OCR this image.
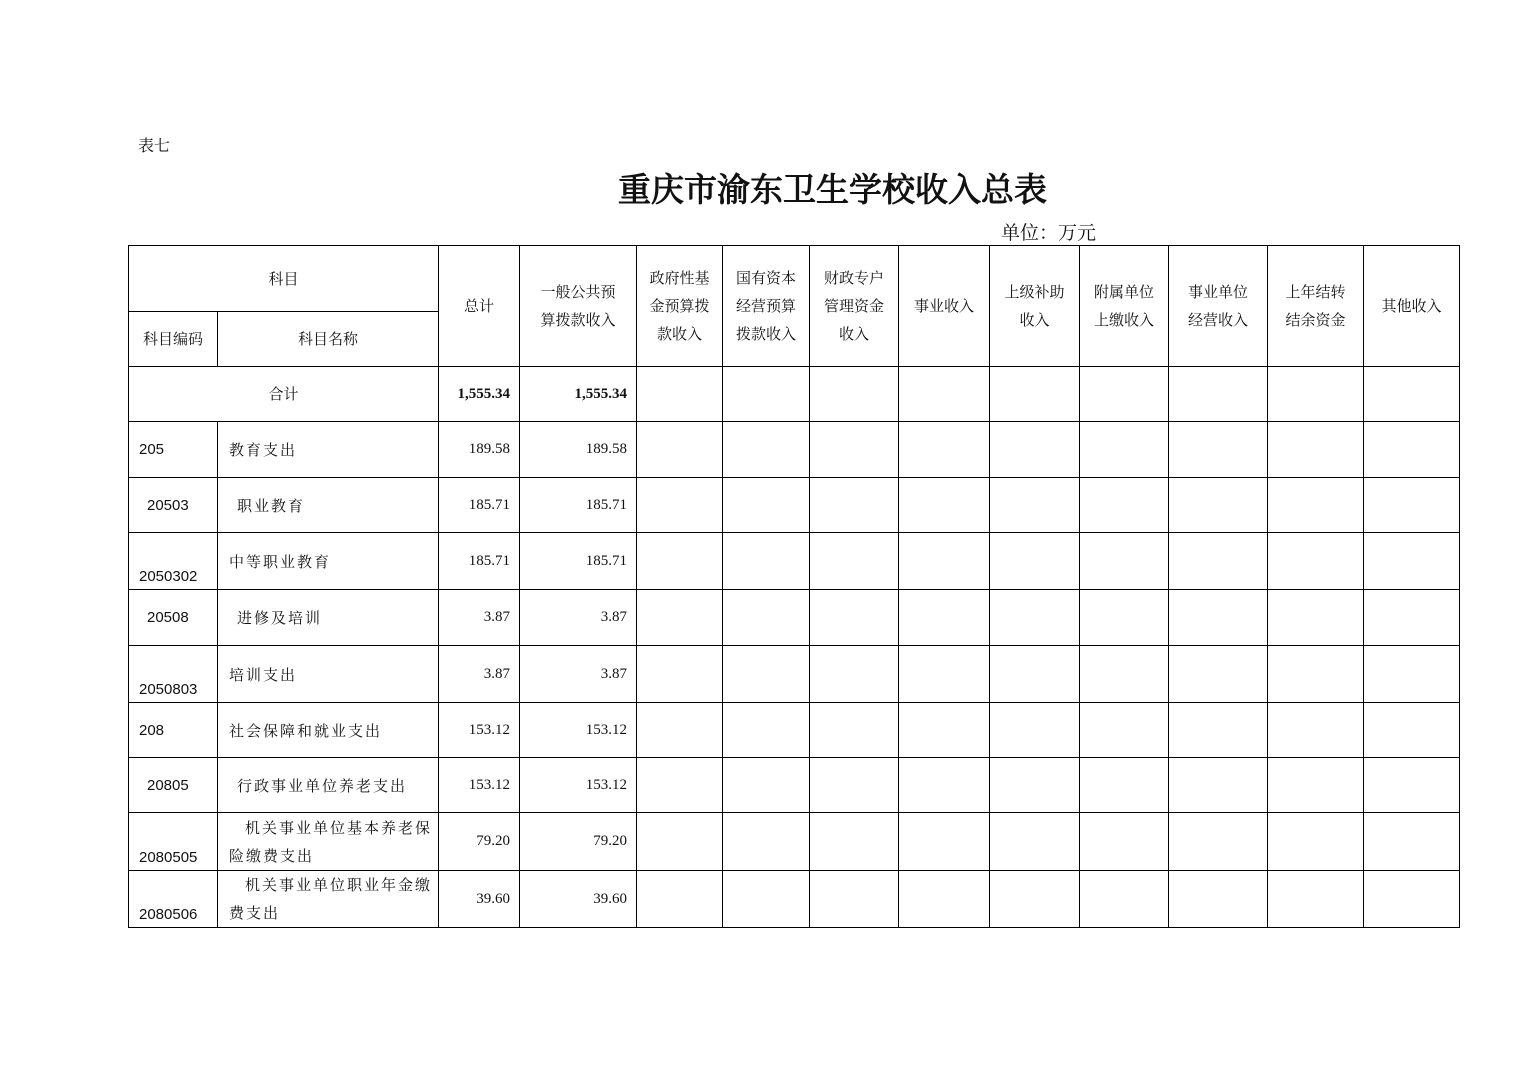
表七
重庆市渝东卫生学校收入总表
单位：万元
科目		总计	一般公共预算拨款收入	政府性基金预算拨款收入	国有资本经营预算拨款收入	财政专户管理资金收入	事业收入	上级补助收入	附属单位上缴收入	事业单位经营收入	上年结转结余资金	其他收入
科目编码	科目名称											
合计		1,555.34	1,555.34									
205	教育支出	189.58	189.58									
20503	职业教育	185.71	185.71									
2050302	中等职业教育	185.71	185.71									
20508	进修及培训	3.87	3.87									
2050803	培训支出	3.87	3.87									
208	社会保障和就业支出	153.12	153.12									
20805	行政事业单位养老支出	153.12	153.12									
2080505	机关事业单位基本养老保
险缴费支出	79.20	79.20									
2080506	机关事业单位职业年金缴
费支出	39.60	39.60									
